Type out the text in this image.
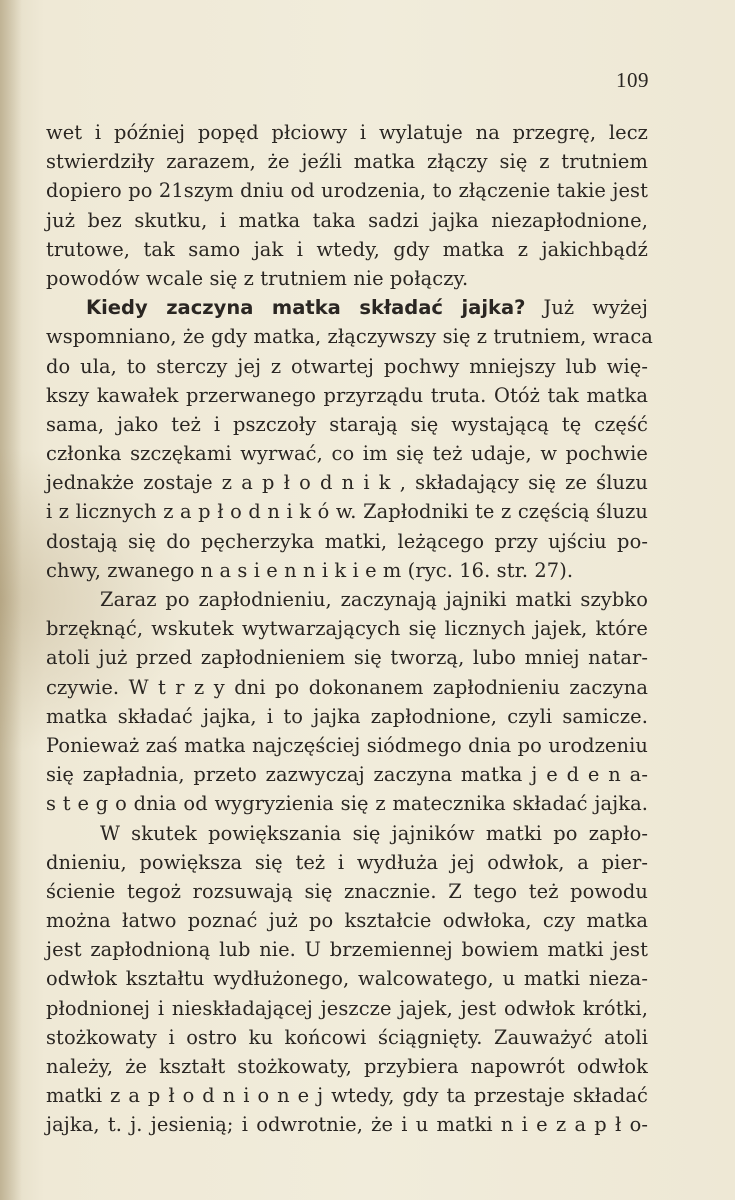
109
wet i później popęd płciowy i wylatuje na przegrę, lecz
stwierdziły zarazem, że jeźli matka złączy się z trutniem
dopiero po 21szym dniu od urodzenia, to złączenie takie jest
już bez skutku, i matka taka sadzi jajka niezapłodnione,
trutowe, tak samo jak i wtedy, gdy matka z jakichbądź
powodów wcale się z trutniem nie połączy.
Kiedy zaczyna matka składać jajka? Już wyżej
wspomniano, że gdy matka, złączywszy się z trutniem, wraca
do ula, to sterczy jej z otwartej pochwy mniejszy lub wię-
kszy kawałek przerwanego przyrządu truta. Otóż tak matka
sama, jako też i pszczoły starają się wystającą tę część
członka szczękami wyrwać, co im się też udaje, w pochwie
jednakże zostaje z a p ł o d n i k , składający się ze śluzu
i z licznych z a p ł o d n i k ó w. Zapłodniki te z częścią śluzu
dostają się do pęcherzyka matki, leżącego przy ujściu po-
chwy, zwanego n a s i e n n i k i e m (ryc. 16. str. 27).
Zaraz po zapłodnieniu, zaczynają jajniki matki szybko
brzęknąć, wskutek wytwarzających się licznych jajek, które
atoli już przed zapłodnieniem się tworzą, lubo mniej natar-
czywie. W t r z y dni po dokonanem zapłodnieniu zaczyna
matka składać jajka, i to jajka zapłodnione, czyli samicze.
Ponieważ zaś matka najczęściej siódmego dnia po urodzeniu
się zapładnia, przeto zazwyczaj zaczyna matka j e d e n a-
s t e g o dnia od wygryzienia się z matecznika składać jajka.
W skutek powiększania się jajników matki po zapło-
dnieniu, powiększa się też i wydłuża jej odwłok, a pier-
ścienie tegoż rozsuwają się znacznie. Z tego też powodu
można łatwo poznać już po kształcie odwłoka, czy matka
jest zapłodnioną lub nie. U brzemiennej bowiem matki jest
odwłok kształtu wydłużonego, walcowatego, u matki nieza-
płodnionej i nieskładającej jeszcze jajek, jest odwłok krótki,
stożkowaty i ostro ku końcowi ściągnięty. Zauważyć atoli
należy, że kształt stożkowaty, przybiera napowrót odwłok
matki z a p ł o d n i o n e j wtedy, gdy ta przestaje składać
jajka, t. j. jesienią; i odwrotnie, że i u matki n i e z a p ł o-
